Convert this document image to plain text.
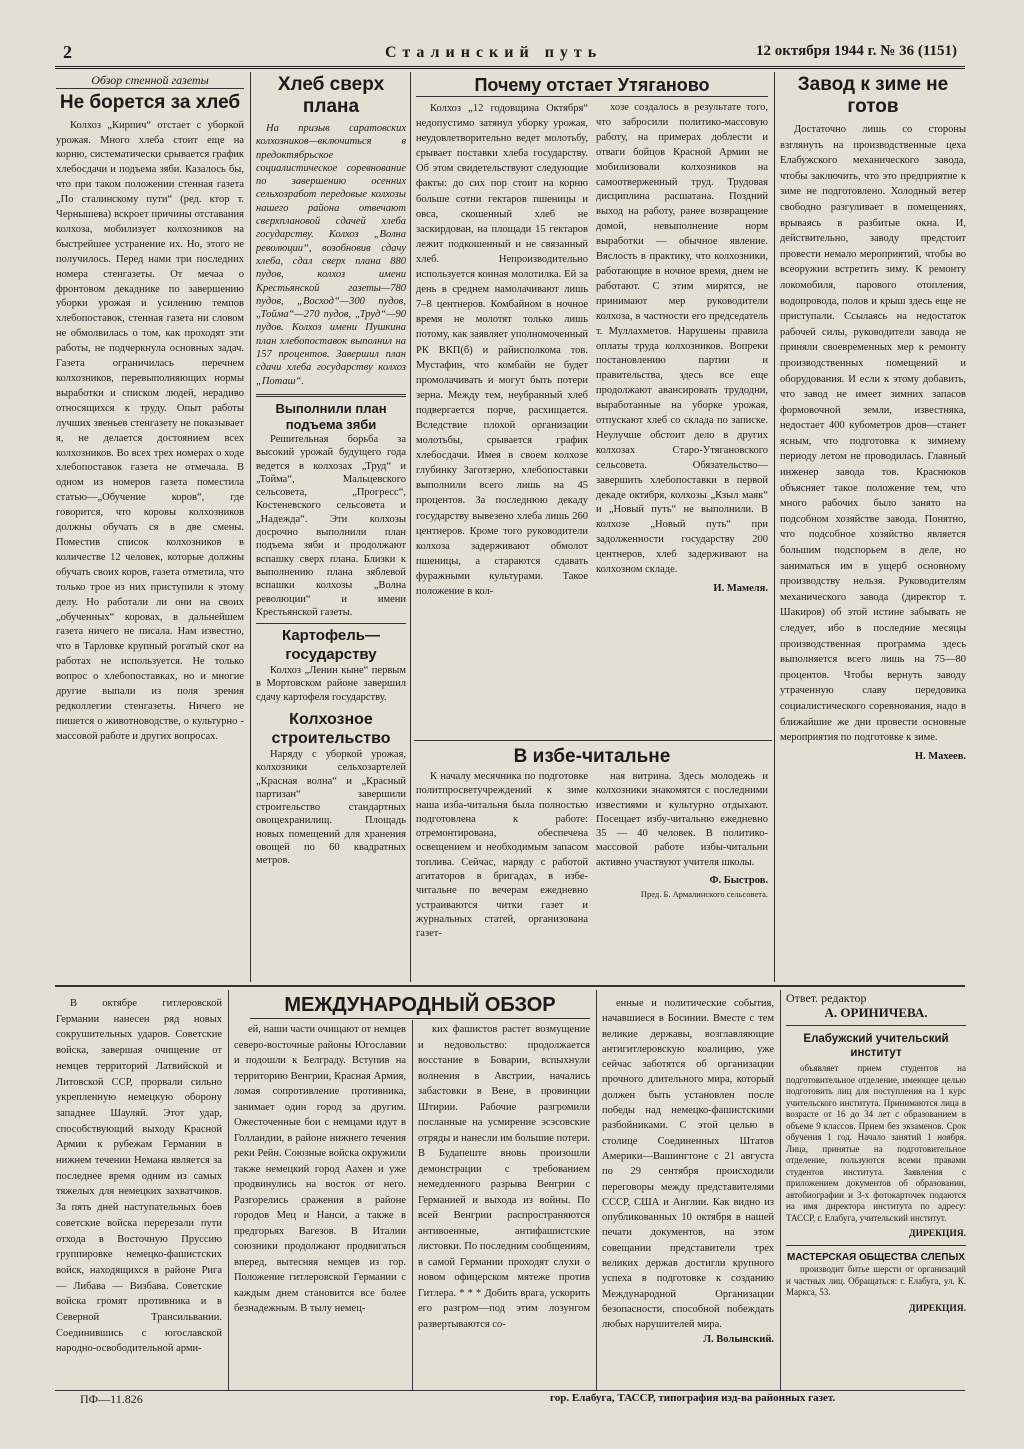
2	Сталинский путь	12 октября 1944 г. № 36 (1151)
Обзор стенной газеты
Не борется за хлеб

Колхоз „Кирпич“ отстает с уборкой урожая. Много хлеба стоит еще на корню, систематически срывается график хлебосдачи и подъема зяби. Казалось бы, что при таком положении стенная газета „По сталинскому пути“ (ред. ктор т. Чернышева) вскроет причины отставания колхоза, мобилизует колхозников на быстрейшее устранение их. Но, этого не получилось. Перед нами три последних номера стенгазеты. От мечаа о фронтовом декаднике по завершению уборки урожая и усилению темпов хлебопоставок, стенная газета ни словом не обмолвилась о том, как проходят эти работы, не подчеркнула основных задач. Газета ограничилась перечнем колхозников, перевыполняющих нормы выработки и списком людей, нерадиво относящихся к труду. Опыт работы лучших звеньев стенгазету не показывает я, не делается достоянием всех колхозников. Во всех трех номерах о ходе хлебопоставок газета не отмечала. В одном из номеров газета поместила статью—„Обучение коров“, где говорится, что коровы колхозников должны обучать ся в две смены. Поместив список колхозников в количестве 12 человек, которые должны обучать своих коров, газета отметила, что только трое из них приступили к этому делу. Но работали ли они на своих „обученных“ коровах, в дальнейшем газета ничего не писала. Нам известно, что в Тарловке крупный рогатый скот на работах не используется. Не только вопрос о хлебопоставках, но и многие другие выпали из поля зрения редколлегии стенгазеты. Ничего не пишется о животноводстве, о культурно - массовой работе и других вопросах.

Хлеб сверх плана

На призыв саратовских колхозников—включиться в предоктябрьское социалистическое соревнование по завершению осенних сельхозработ передовые колхозы нашего района отвечают сверхплановой сдачей хлеба государству. Колхоз „Волна революции“, возобновив сдачу хлеба, сдал сверх плана 880 пудов, колхоз имени Крестьянской газеты—780 пудов, „Восход“—300 пудов, „Тойма“—270 пудов, „Труд“—90 пудов. Колхоз имени Пушкина план хлебопоставок выполнил на 157 процентов. Завершил план сдачи хлеба государству колхоз „Поташ“.

Выполнили план подъема зяби

Решительная борьба за высокий урожай будущего года ведется в колхозах „Труд“ и „Тойма“, Мальцевского сельсовета, „Прогресс“, Костеневского сельсовета и „Надежда“. Эти колхозы досрочно выполнили план подъема зяби и продолжают вспашку сверх плана. Близки к выполнению плана зяблевой вспашки колхозы „Волна революции“ и имени Крестьянской газеты.

Картофель—государству

Колхоз „Ленин кыне“ первым в Мортовском районе завершил сдачу картофеля государству.

Колхозное строительство

Наряду с уборкой урожая, колхозники сельхозартелей „Красная волна“ и „Красный партизан“ завершили строительство стандартных овощехранилищ. Площадь новых помещений для хранения овощей по 60 квадратных метров.

Почему отстает Утяганово

Колхоз „12 годовщина Октября“ недопустимо затянул уборку урожая, неудовлетворительно ведет молотьбу, срывает поставки хлеба государству. Об этом свидетельствуют следующие факты: до сих пор стоит на корню больше сотни гектаров пшеницы и овса, скошенный хлеб не заскирдован, на площади 15 гектаров лежит подкошенный и не связанный хлеб. Непроизводительно используется конная молотилка. Ей за день в среднем намолачивают лишь 7–8 центнеров. Комбайном в ночное время не молотят только лишь потому, как заявляет уполномоченный РК ВКП(б) и райисполкома тов. Мустафин, что комбайн не будет промолачивать и могут быть потери зерна. Между тем, неубранный хлеб подвергается порче, расхищается. Вследствие плохой организации молотьбы, срывается график хлебосдачи. Имея в своем колхозе глубинку Заготзерно, хлебопоставки выполнили всего лишь на 45 процентов. За последнюю декаду государству вывезено хлеба лишь 260 центнеров. Кроме того руководители колхоза задерживают обмолот пшеницы, а стараются сдавать фуражными культурами. Такое положение в кол-

хозе создалось в результате того, что забросили политико-массовую работу, на примерах доблести и отваги бойцов Красной Армии не мобилизовали колхозников на самоотверженный труд. Трудовая дисциплина расшатана. Поздний выход на работу, ранее возвращение домой, невыполнение норм выработки — обычное явление. Вяслость в практику, что колхозники, работающие в ночное время, днем не работают. С этим мирятся, не принимают мер руководители колхоза, в частности его председатель т. Муллахметов. Нарушены правила оплаты труда колхозников. Вопреки постановлению партии и правительства, здесь все еще продолжают авансировать трудодни, выработанные на уборке урожая, отпускают хлеб со склада по записке. Неулучше обстоит дело в других колхозах Старо-Утягановского сельсовета. Обязательство— завершить хлебопоставки в первой декаде октября, колхозы „Кзыл маяк“ и „Новый путь“ не выполнили. В колхозе „Новый путь“ при задолженности государству 200 центнеров, хлеб задерживают на колхозном складе.

И. Мамеля.
В избе-читальне

К началу месячника по подготовке политпросветучреждений к зиме наша изба-читальня была полностью подготовлена к работе: отремонтирована, обеспечена освещением и необходимым запасом топлива. Сейчас, наряду с работой агитаторов в бригадах, в избе-читальне по вечерам ежедневно устраиваются читки газет и журнальных статей, организована газет-

ная витрина. Здесь молодежь и колхозники знакомятся с последними известиями и культурно отдыхают. Посещает избу-читальню ежедневно 35 — 40 человек. В политико-массовой работе избы-читальни активно участвуют учителя школы.

Ф. Быстров.
Пред. Б. Армалинского сельсовета.
Завод к зиме не готов

Достаточно лишь со стороны взглянуть на производственные цеха Елабужского механического завода, чтобы заключить, что это предприятие к зиме не подготовлено. Холодный ветер свободно разгуливает в помещениях, врываясь в разбитые окна. И, действительно, заводу предстоит провести немало мероприятий, чтобы во всеоружии встретить зиму. К ремонту локомобиля, парового отопления, водопровода, полов и крыш здесь еще не приступали. Ссылаясь на недостаток рабочей силы, руководители завода не приняли своевременных мер к ремонту производственных помещений и оборудования. И если к этому добавить, что завод не имеет зимних запасов формовочной земли, известняка, недостает 400 кубометров дров—станет ясным, что подготовка к зимнему периоду летом не проводилась. Главный инженер завода тов. Краснюков объясняет такое положение тем, что много рабочих было занято на подсобном хозяйстве завода. Понятно, что подсобное хозяйство является большим подспорьем в деле, но заниматься им в ущерб основному производству нельзя. Руководителям механического завода (директор т. Шакиров) об этой истине забывать не следует, ибо в последние месяцы производственная программа здесь выполняется всего лишь на 75—80 процентов. Чтобы вернуть заводу утраченную славу передовика социалистического соревнования, надо в ближайшие же дни провести основные мероприятия по подготовке к зиме.

Н. Махеев.
МЕЖДУНАРОДНЫЙ ОБЗОР

В октябре гитлеровской Германии нанесен ряд новых сокрушительных ударов. Советские войска, завершая очищение от немцев территорий Латвийской и Литовской ССР, прорвали сильно укрепленную немецкую оборону западнее Шауляй. Этот удар, способствующий выходу Красной Армии к рубежам Германии в нижнем течении Немана является за последнее время одним из самых тяжелых для немецких захватчиков. За пять дней наступательных боев советские войска перерезали пути отхода в Восточную Пруссию группировке немецко-фашистских войск, находящихся в районе Рига — Либава — Визбава. Советские войска громят противника и в Северной Трансильвании. Соединившись с югославской народно-освободительной арми-

ей, наши части очищают от немцев северо-восточные районы Югославии и подошли к Белграду. Вступив на территорию Венгрии, Красная Армия, ломая сопротивление противника, занимает один город за другим. Ожесточенные бои с немцами идут в Голландии, в районе нижнего течения реки Рейн. Союзные войска окружили также немецкий город Аахен и уже продвинулись на восток от него. Разгорелись сражения в районе городов Мец и Нанси, а также в предгорьях Вагезов. В Италии союзники продолжают продвигаться вперед, вытесняя немцев из гор. Положение гитлеровской Германии с каждым днем становится все более безнадежным. В тылу немец-

ких фашистов растет возмущение и недовольство: продолжается восстание в Боварии, вспыхнули волнения в Австрии, начались забастовки в Вене, в провинции Штирии. Рабочие разгромили посланные на усмирение эсэсовские отряды и нанесли им большие потери. В Будапеште вновь произошли демонстрации с требованием немедленного разрыва Венгрии с Германией и выхода из войны. По всей Венгрии распространяются антивоенные, антифашистские листовки. По последним сообщениям, в самой Германии проходят слухи о новом офицерском мятеже против Гитлера. * * * Добить врага, ускорить его разгром—под этим лозунгом развертываются со-

енные и политические события, начавшиеся в Босинии. Вместе с тем великие державы, возглавляющие антигитлеровскую коалицию, уже сейчас заботятся об организации прочного длительного мира, который должен быть установлен после победы над немецко-фашистскими разбойниками. С этой целью в столице Соединенных Штатов Америки—Вашингтоне с 21 августа по 29 сентября происходили переговоры между представителями СССР, США и Англии. Как видно из опубликованных 10 октября в нашей печати документов, на этом совещании представители трех великих держав достигли крупного успеха в подготовке к созданию Международной Организации безопасности, способной побеждать любых нарушителей мира.

Л. Волынский.
Ответ. редактор
А. ОРИНИЧЕВА.
Елабужский учительский институт

объявляет прием студентов на подготовительное отделение, имеющее целью подготовить лиц для поступления на 1 курс учительского института. Принимаются лица в возрасте от 16 до 34 лет с образованием в объеме 9 классов. Прием без экзаменов. Срок обучения 1 год. Начало занятий 1 ноября. Лица, принятые на подготовительное отделение, пользуются всеми правами студентов института. Заявления с приложением документов об образовании, автобиографии и 3-х фотокарточек подаются на имя директора института по адресу: ТАССР, г. Елабуга, учительский институт.

ДИРЕКЦИЯ.
МАСТЕРСКАЯ ОБЩЕСТВА СЛЕПЫХ

производит битье шерсти от организаций и частных лиц. Обращаться: г. Елабуга, ул. К. Маркса, 53.

ДИРЕКЦИЯ.
ПФ—11.826	гор. Елабуга, ТАССР, типография изд-ва районных газет.
